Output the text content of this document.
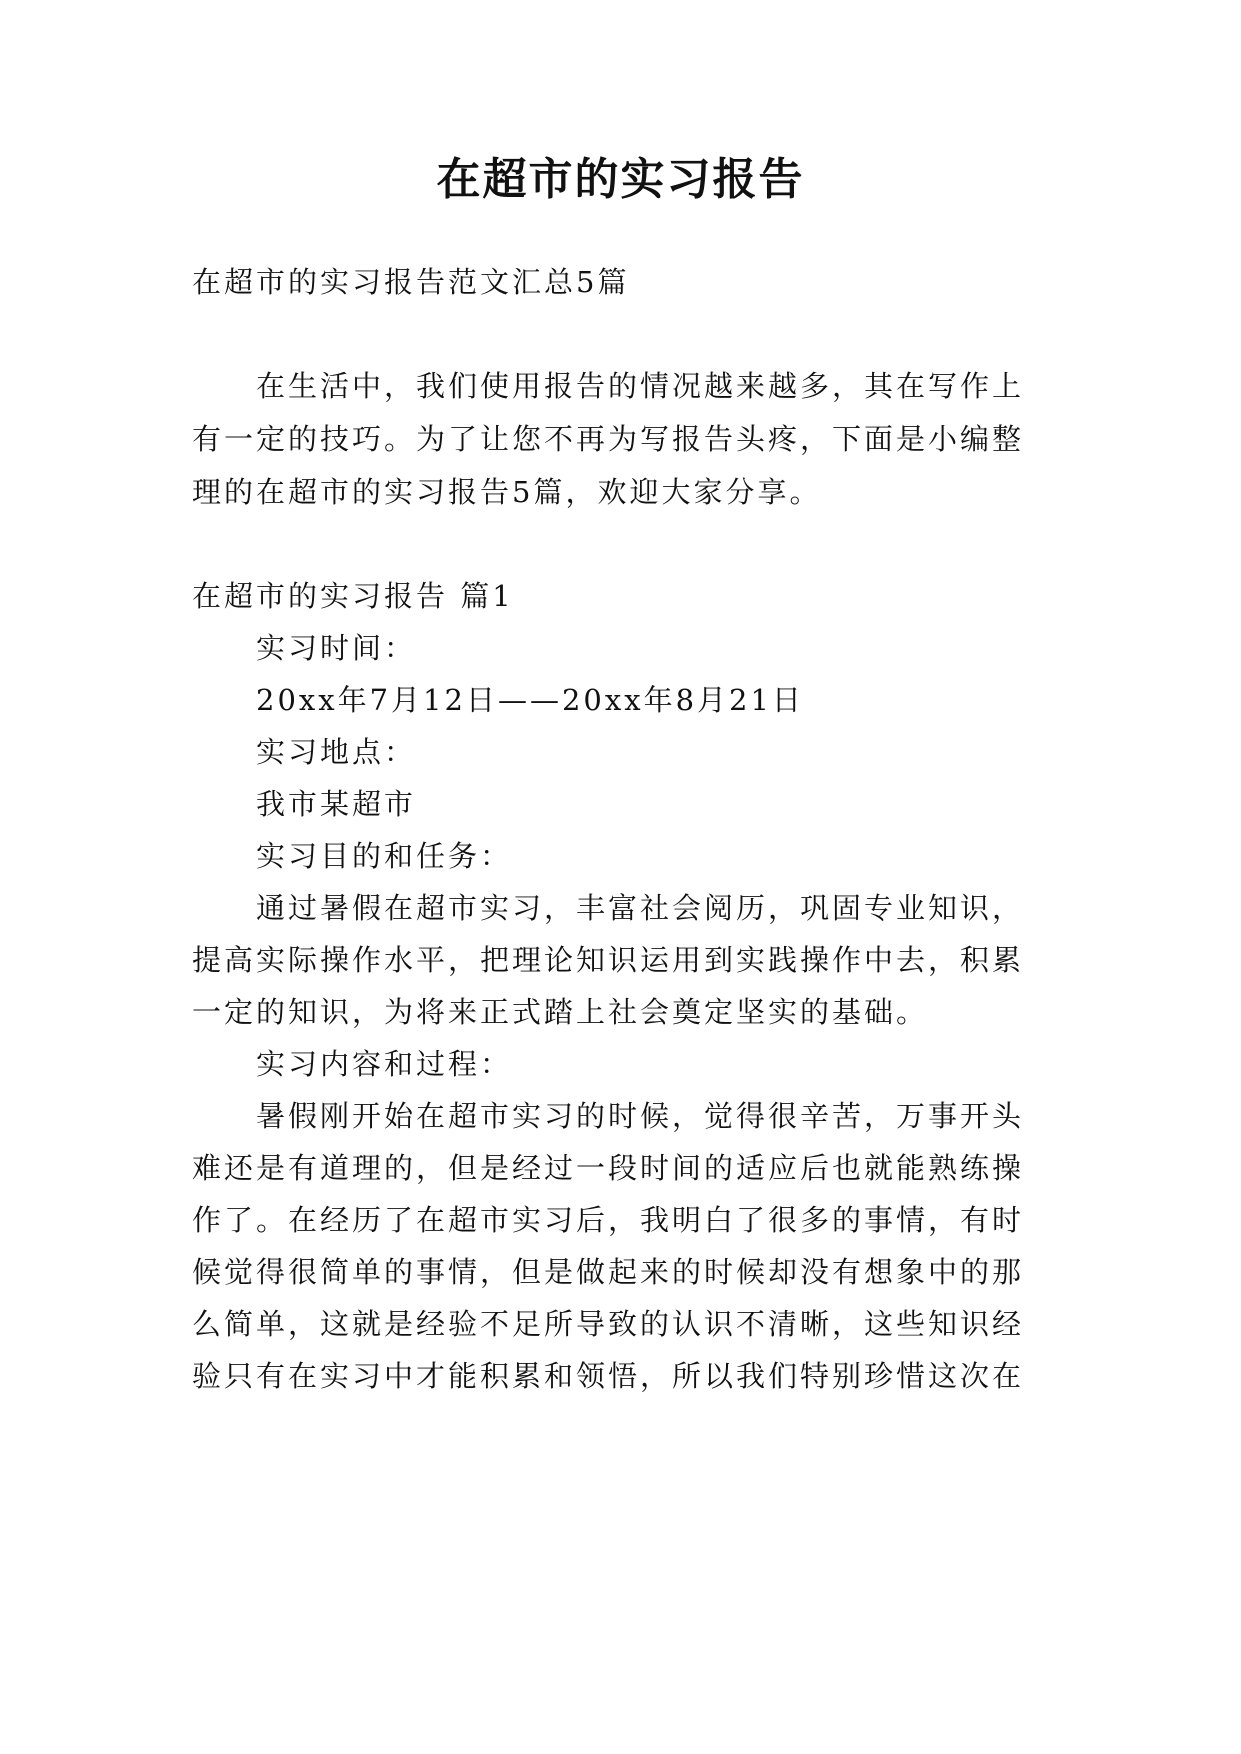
在超市的实习报告

在超市的实习报告范文汇总5篇

在生活中，我们使用报告的情况越来越多，其在写作上

有一定的技巧。为了让您不再为写报告头疼，下面是小编整

理的在超市的实习报告5篇，欢迎大家分享。

在超市的实习报告 篇1

实习时间：

20xx年7月12日——20xx年8月21日

实习地点：

我市某超市

实习目的和任务：

通过暑假在超市实习，丰富社会阅历，巩固专业知识，

提高实际操作水平，把理论知识运用到实践操作中去，积累

一定的知识，为将来正式踏上社会奠定坚实的基础。

实习内容和过程：

暑假刚开始在超市实习的时候，觉得很辛苦，万事开头

难还是有道理的，但是经过一段时间的适应后也就能熟练操

作了。在经历了在超市实习后，我明白了很多的事情，有时

候觉得很简单的事情，但是做起来的时候却没有想象中的那

么简单，这就是经验不足所导致的认识不清晰，这些知识经

验只有在实习中才能积累和领悟，所以我们特别珍惜这次在
